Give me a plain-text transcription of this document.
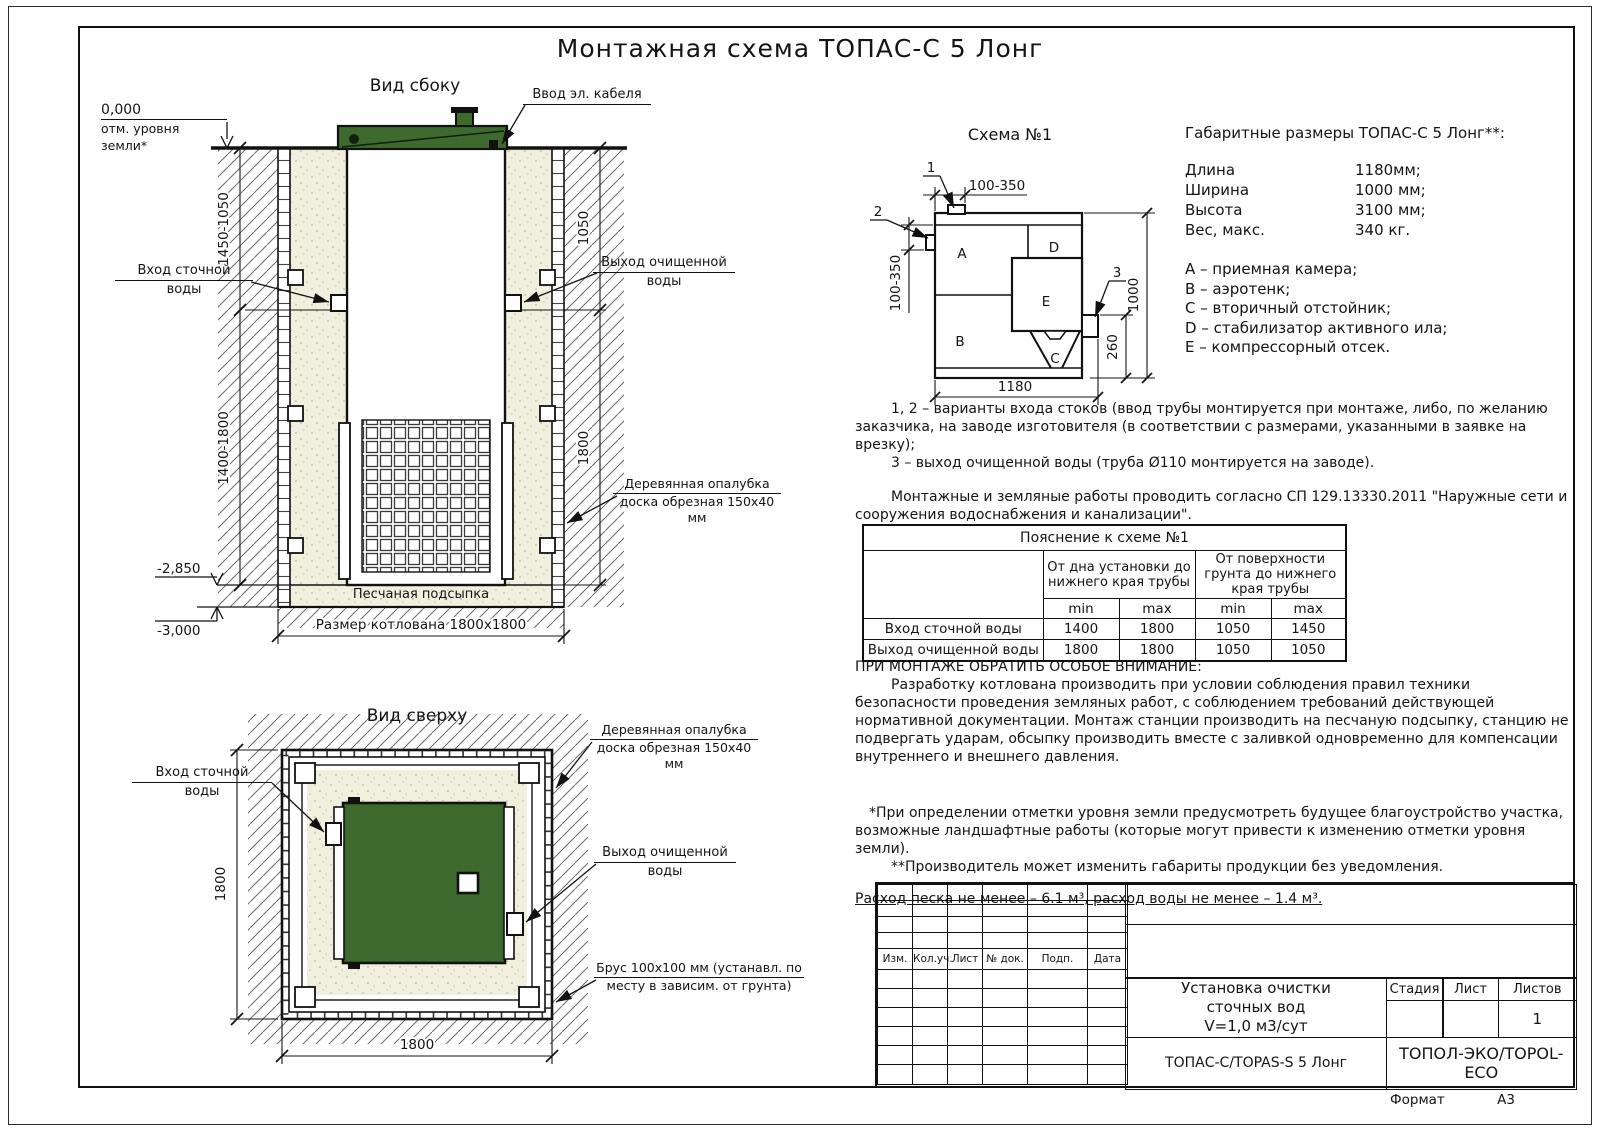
Монтажная схема ТОПАС-С 5 Лонг
1450-1050
1400-1800
1050
1800
Размер котлована 1800х1800
-2,850
-3,000
Вид сбоку
0,000
отм. уровня земли*
Ввод эл. кабеля
Вход сточной
воды
Выход очищенной
воды
Деревянная опалубка
доска обрезная 150х40 мм
Песчаная подсыпка
1800
1800
Вид сверху
Вход сточной
воды
Деревянная опалубка
доска обрезная 150х40 мм
Выход очищенной
воды
Брус 100х100 мм (устанавл. по
месту в зависим. от грунта)
A
B
C
D
E
1
2
3
100-350
100-350
1180
1000
260
Схема №1	Габаритные размеры ТОПАС-С 5 Лонг**:

Длина	1180мм;
Ширина	1000 мм;
Высота	3100 мм;
Вес, макс.	340 кг.
А – приемная камера;
В – аэротенк;
С – вторичный отстойник;
D – стабилизатор активного ила;
Е – компрессорный отсек.

1, 2 – варианты входа стоков (ввод трубы монтируется при монтаже, либо, по желанию заказчика, на заводе изготовителя (в соответствии с размерами, указанными в заявке на врезку);

3 – выход очищенной воды (труба Ø110 монтируется на заводе).

Монтажные и земляные работы проводить согласно СП 129.13330.2011 "Наружные сети и сооружения водоснабжения и канализации".

Пояснение к схеме №1				
	От дна установки до нижнего края трубы		От поверхности грунта до нижнего края трубы	
	min	max	min	max
Вход сточной воды	1400	1800	1050	1450
Выход очищенной воды	1800	1800	1050	1050

ПРИ МОНТАЖЕ ОБРАТИТЬ ОСОБОЕ ВНИМАНИЕ:

Разработку котлована производить при условии соблюдения правил техники безопасности проведения земляных работ, с соблюдением требований действующей нормативной документации. Монтаж станции производить на песчаную подсыпку, станцию не подвергать ударам, обсыпку производить вместе с заливкой одновременно для компенсации внутреннего и внешнего давления.

*При определении отметки уровня земли предусмотреть будущее благоустройство участка, возможные ландшафтные работы (которые могут привести к изменению отметки уровня земли).

**Производитель может изменить габариты продукции без уведомления.

Расход песка не менее – 6.1 м³, расход воды не менее – 1.4 м³.

Изм.	Кол.уч.	Лист	№ док.	Подп.	Дата

Установка очистки
сточных вод
V=1,0 м3/сут
Стадия	Лист	Листов
1
ТОПАС-С/TOPAS-S 5 Лонг	ТОПОЛ-ЭКО/TOPOL-ECO
Формат	А3
